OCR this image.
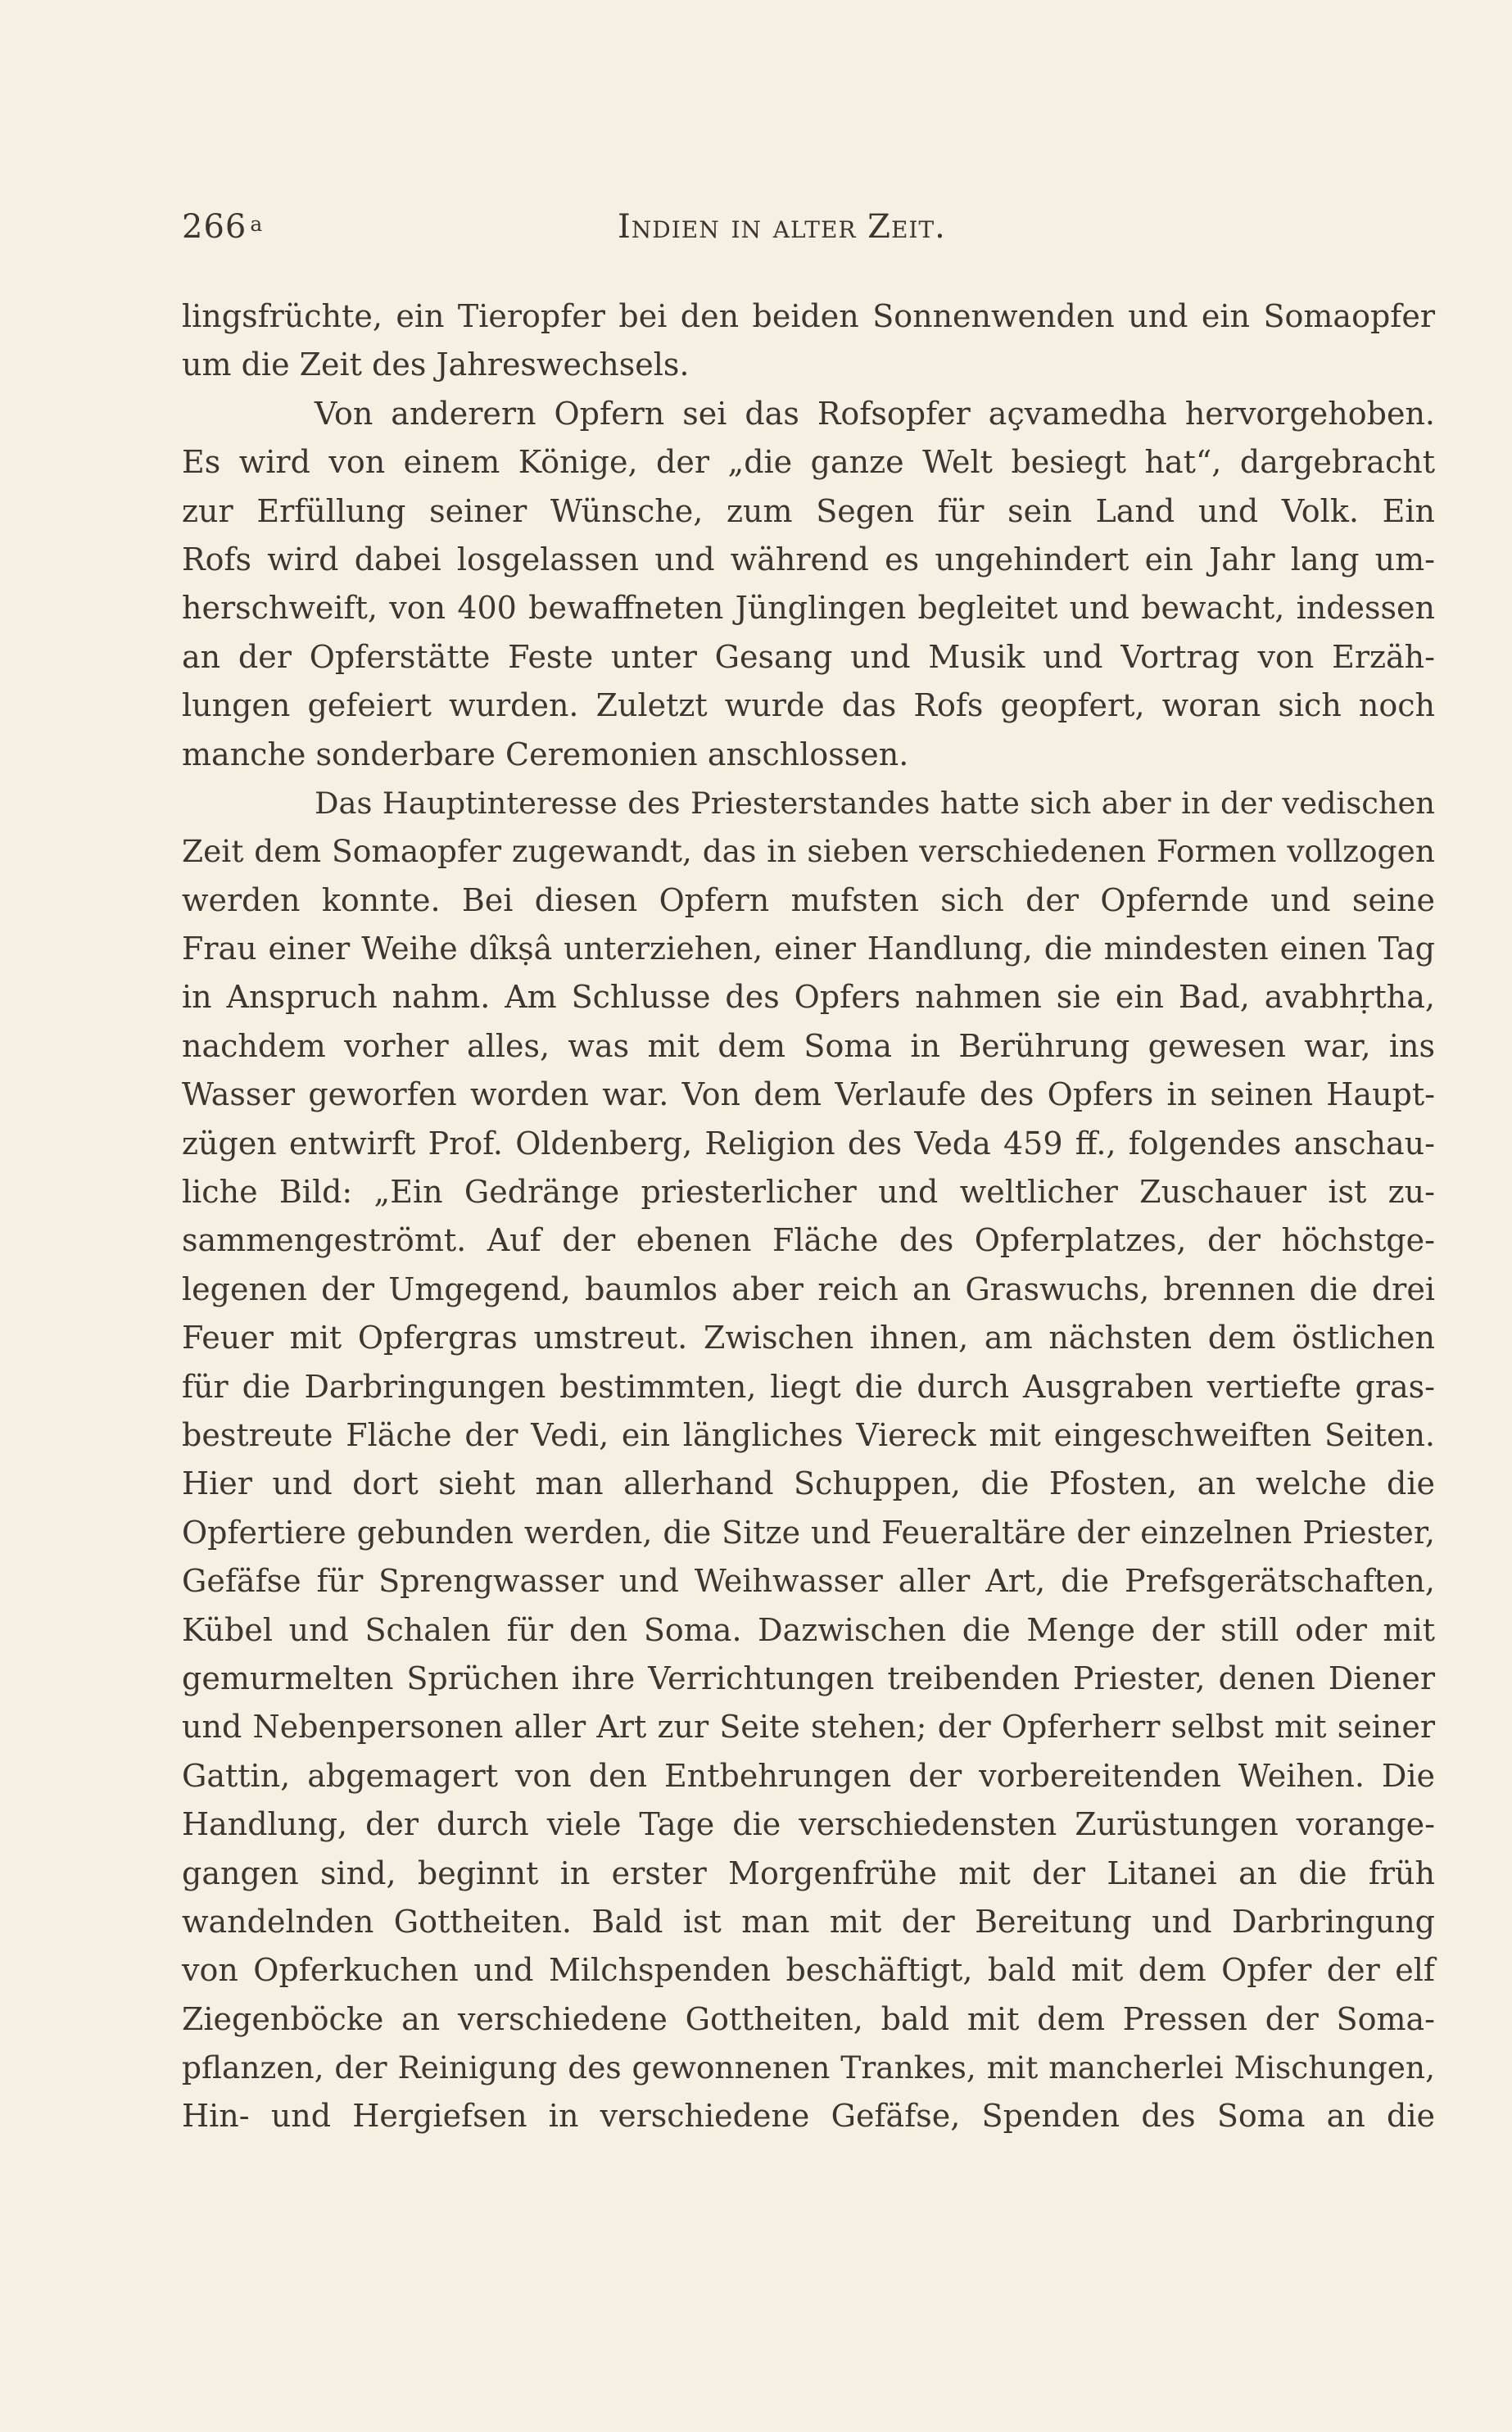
266 $^a$	Indien in alter Zeit.
lingsfrüchte, ein Tieropfer bei den beiden Sonnenwenden und ein Somaopfer
um die Zeit des Jahreswechsels.
Von anderern Opfern sei das Rofsopfer açvamedha hervorgehoben.
Es wird von einem Könige, der „die ganze Welt besiegt hat“, dargebracht
zur Erfüllung seiner Wünsche, zum Segen für sein Land und Volk. Ein
Rofs wird dabei losgelassen und während es ungehindert ein Jahr lang um-
herschweift, von 400 bewaffneten Jünglingen begleitet und bewacht, indessen
an der Opferstätte Feste unter Gesang und Musik und Vortrag von Erzäh-
lungen gefeiert wurden. Zuletzt wurde das Rofs geopfert, woran sich noch
manche sonderbare Ceremonien anschlossen.
Das Hauptinteresse des Priesterstandes hatte sich aber in der vedischen
Zeit dem Somaopfer zugewandt, das in sieben verschiedenen Formen vollzogen
werden konnte. Bei diesen Opfern mufsten sich der Opfernde und seine
Frau einer Weihe dîkṣâ unterziehen, einer Handlung, die mindesten einen Tag
in Anspruch nahm. Am Schlusse des Opfers nahmen sie ein Bad, avabhṛtha,
nachdem vorher alles, was mit dem Soma in Berührung gewesen war, ins
Wasser geworfen worden war. Von dem Verlaufe des Opfers in seinen Haupt-
zügen entwirft Prof. Oldenberg, Religion des Veda 459 ff., folgendes anschau-
liche Bild: „Ein Gedränge priesterlicher und weltlicher Zuschauer ist zu-
sammengeströmt. Auf der ebenen Fläche des Opferplatzes, der höchstge-
legenen der Umgegend, baumlos aber reich an Graswuchs, brennen die drei
Feuer mit Opfergras umstreut. Zwischen ihnen, am nächsten dem östlichen
für die Darbringungen bestimmten, liegt die durch Ausgraben vertiefte gras-
bestreute Fläche der Vedi, ein längliches Viereck mit eingeschweiften Seiten.
Hier und dort sieht man allerhand Schuppen, die Pfosten, an welche die
Opfertiere gebunden werden, die Sitze und Feueraltäre der einzelnen Priester,
Gefäfse für Sprengwasser und Weihwasser aller Art, die Prefsgerätschaften,
Kübel und Schalen für den Soma. Dazwischen die Menge der still oder mit
gemurmelten Sprüchen ihre Verrichtungen treibenden Priester, denen Diener
und Nebenpersonen aller Art zur Seite stehen; der Opferherr selbst mit seiner
Gattin, abgemagert von den Entbehrungen der vorbereitenden Weihen. Die
Handlung, der durch viele Tage die verschiedensten Zurüstungen vorange-
gangen sind, beginnt in erster Morgenfrühe mit der Litanei an die früh
wandelnden Gottheiten. Bald ist man mit der Bereitung und Darbringung
von Opferkuchen und Milchspenden beschäftigt, bald mit dem Opfer der elf
Ziegenböcke an verschiedene Gottheiten, bald mit dem Pressen der Soma-
pflanzen, der Reinigung des gewonnenen Trankes, mit mancherlei Mischungen,
Hin- und Hergiefsen in verschiedene Gefäfse, Spenden des Soma an die
